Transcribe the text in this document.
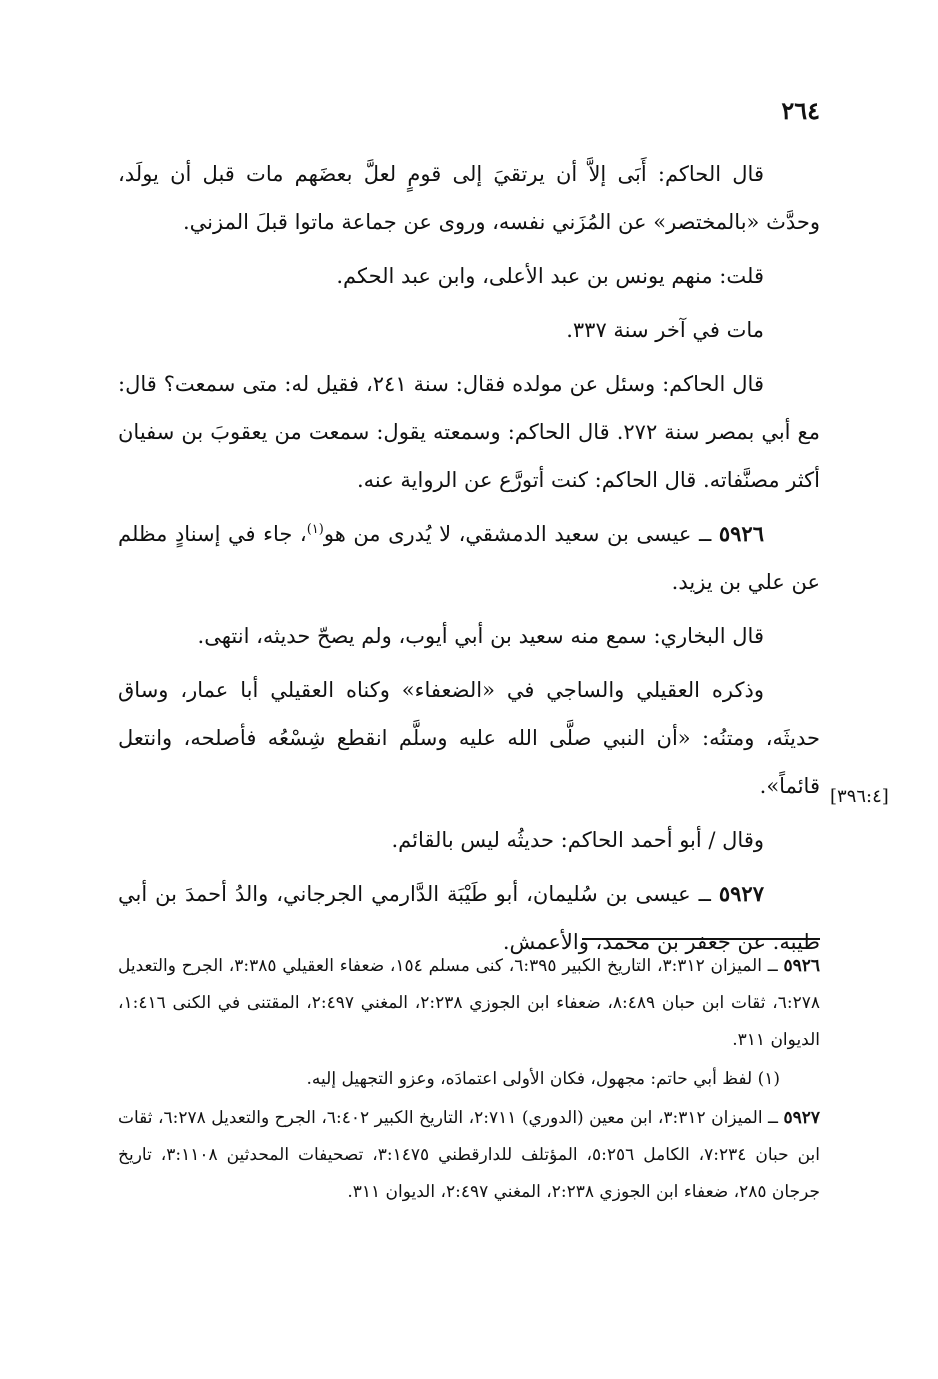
٢٦٤
[٣٩٦:٤]

قال الحاكم: أَبَى إلاَّ أن يرتقيَ إلى قومٍ لعلَّ بعضَهم مات قبل أن يولَد، وحدَّث «بالمختصر» عن المُزَني نفسه، وروى عن جماعة ماتوا قبلَ المزني.

قلت: منهم يونس بن عبد الأعلى، وابن عبد الحكم.

مات في آخر سنة ٣٣٧.

قال الحاكم: وسئل عن مولده فقال: سنة ٢٤١، فقيل له: متى سمعت؟ قال: مع أبي بمصر سنة ٢٧٢. قال الحاكم: وسمعته يقول: سمعت من يعقوبَ بن سفيان أكثر مصنَّفاته. قال الحاكم: كنت أتورَّع عن الرواية عنه.

٥٩٢٦ ــ عيسى بن سعيد الدمشقي، لا يُدرى من هو$^{(١)}$، جاء في إسنادٍ مظلم عن علي بن يزيد.

قال البخاري: سمع منه سعيد بن أبي أيوب، ولم يصحّ حديثه، انتهى.

وذكره العقيلي والساجي في «الضعفاء» وكناه العقيلي أبا عمار، وساق حديثَه، ومتنُه: «أن النبي صلَّى الله عليه وسلَّم انقطع شِسْعُه فأصلحه، وانتعل قائماً».

وقال / أبو أحمد الحاكم: حديثُه ليس بالقائم.

٥٩٢٧ ــ عيسى بن سُليمان، أبو طَيْبَة الدَّارمي الجرجاني، والدُ أحمدَ بن أبي طيبة. عن جعفر بن محمد، والأعمش.

٥٩٢٦ ــ الميزان ٣:٣١٢، التاريخ الكبير ٦:٣٩٥، كنى مسلم ١٥٤، ضعفاء العقيلي ٣:٣٨٥، الجرح والتعديل ٦:٢٧٨، ثقات ابن حبان ٨:٤٨٩، ضعفاء ابن الجوزي ٢:٢٣٨، المغني ٢:٤٩٧، المقتنى في الكنى ١:٤١٦، الديوان ٣١١.

(١) لفظ أبي حاتم: مجهول، فكان الأولى اعتمادَه، وعزو التجهيل إليه.

٥٩٢٧ ــ الميزان ٣:٣١٢، ابن معين (الدوري) ٢:٧١١، التاريخ الكبير ٦:٤٠٢، الجرح والتعديل ٦:٢٧٨، ثقات ابن حبان ٧:٢٣٤، الكامل ٥:٢٥٦، المؤتلف للدارقطني ٣:١٤٧٥، تصحيفات المحدثين ٣:١١٠٨، تاريخ جرجان ٢٨٥، ضعفاء ابن الجوزي ٢:٢٣٨، المغني ٢:٤٩٧، الديوان ٣١١.
